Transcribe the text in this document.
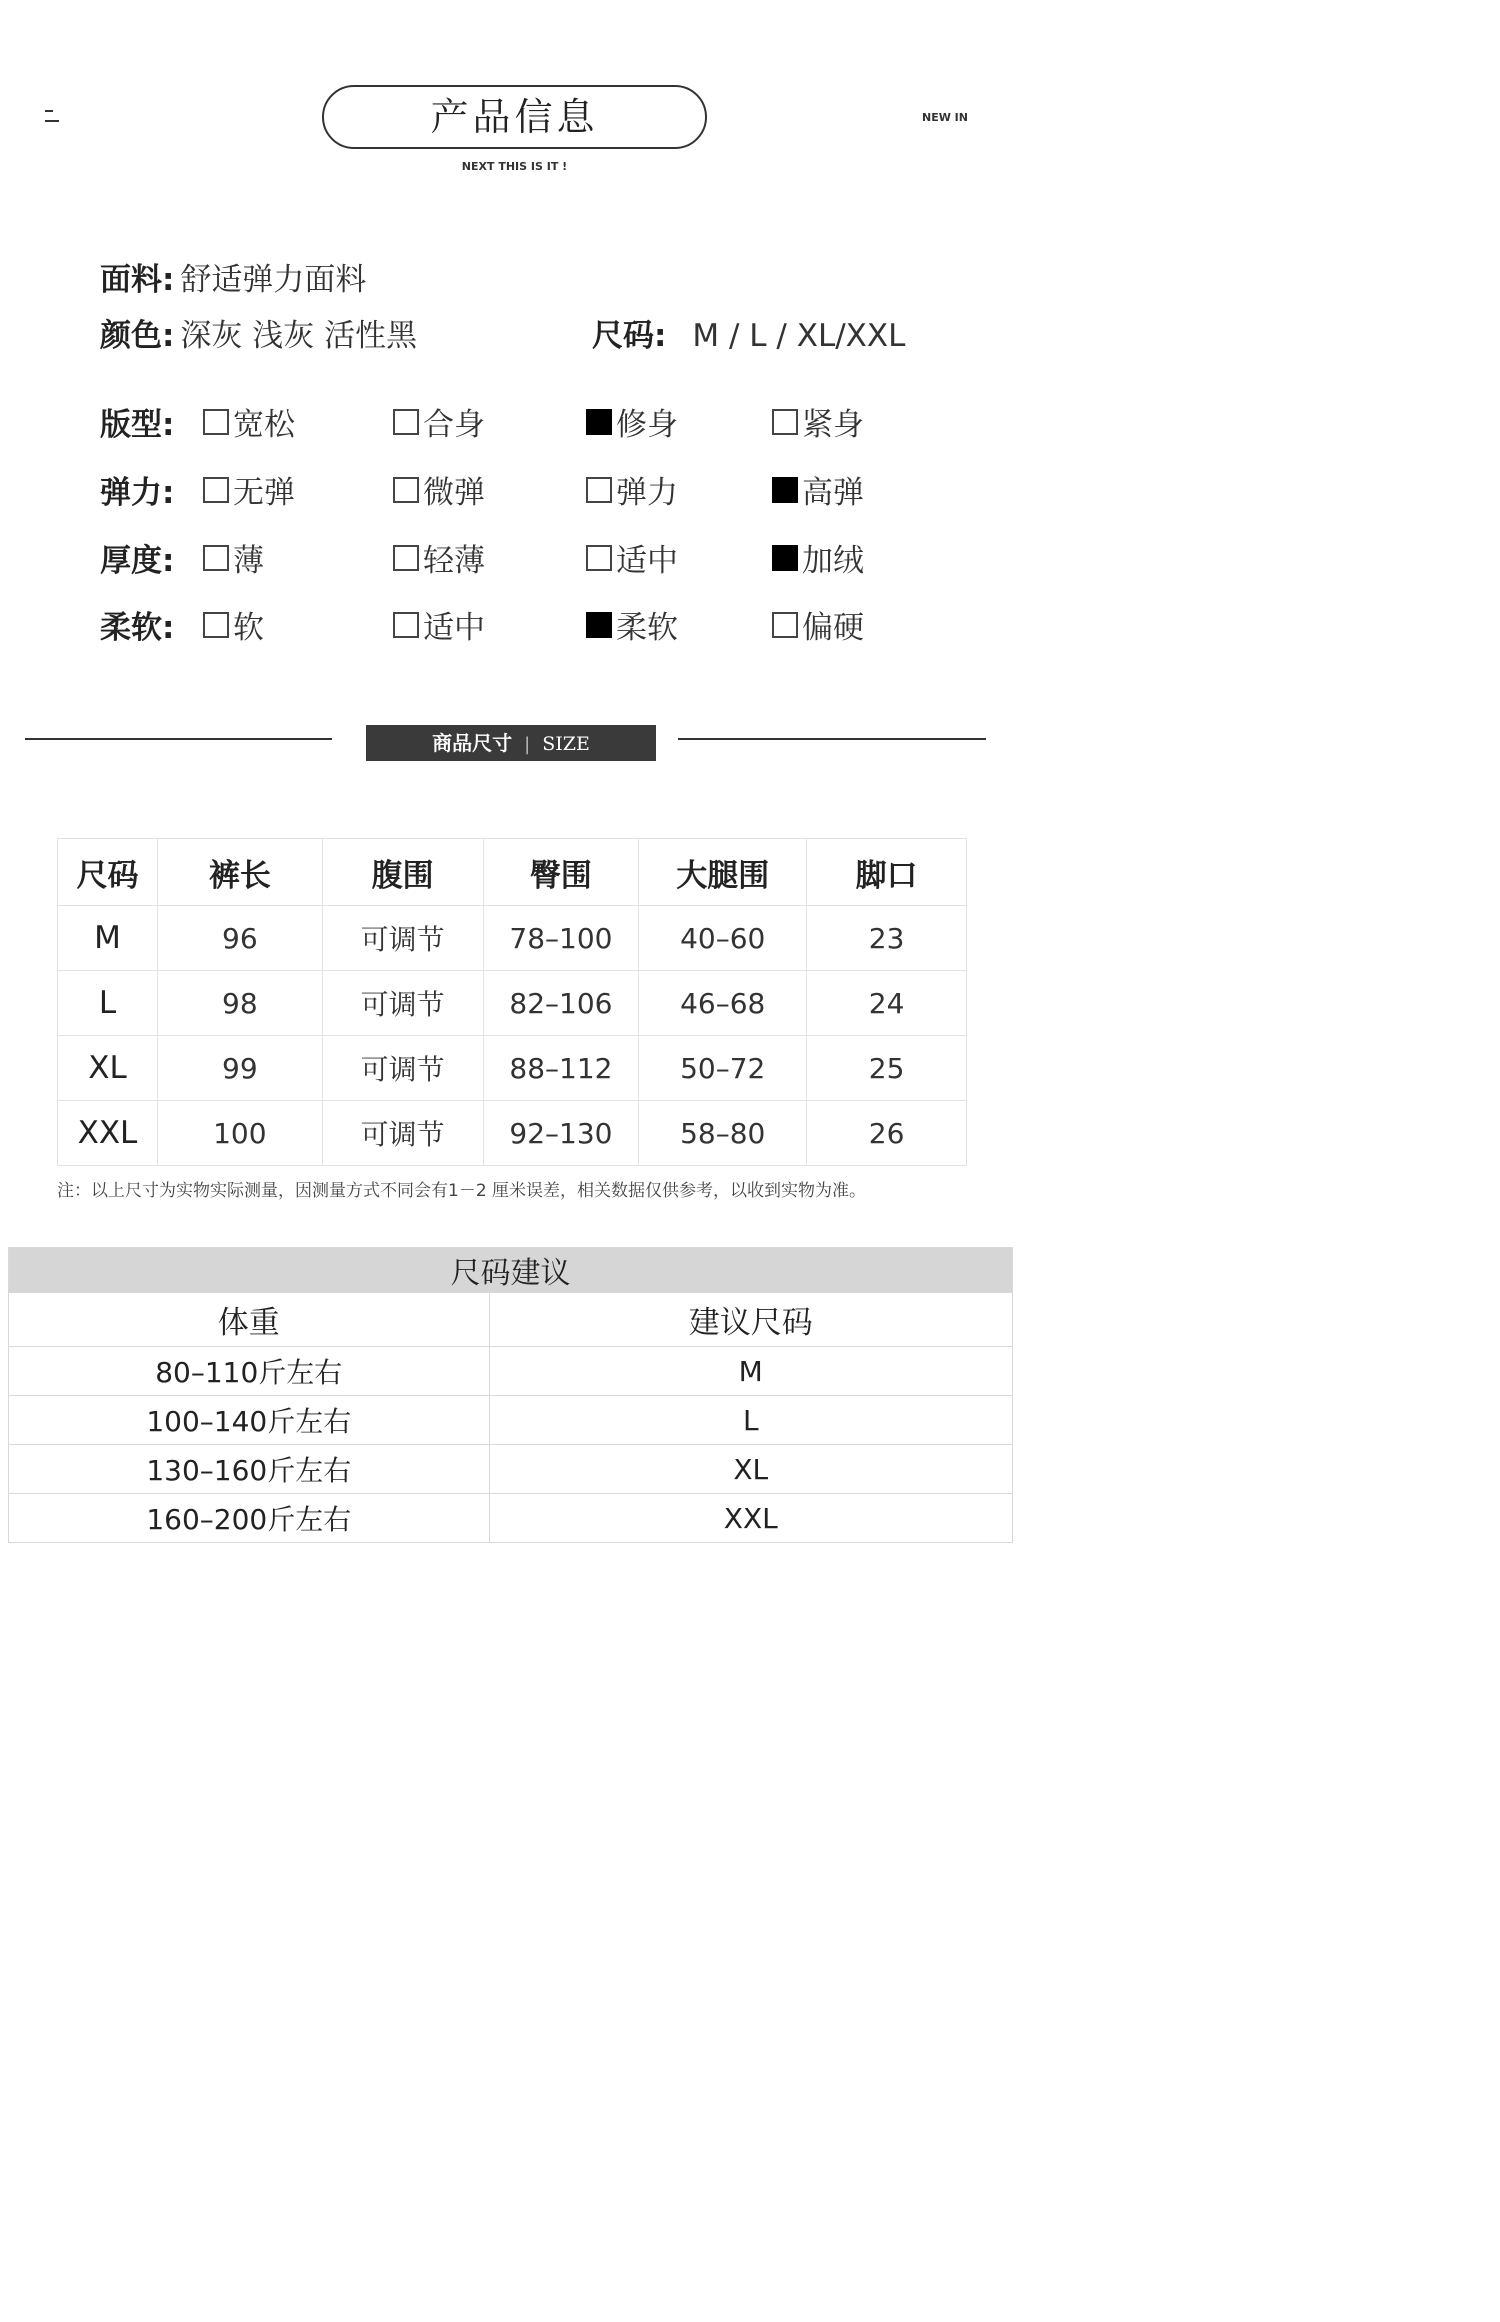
产品信息
NEXT THIS IS IT !
NEW IN
面料: 舒适弹力面料
颜色: 深灰 浅灰 活性黑	尺码: M / L / XL/XXL
版型: 宽松	合身	修身	紧身
弹力: 无弹	微弹	弹力	高弹
厚度: 薄	轻薄	适中	加绒
柔软: 软	适中	柔软	偏硬
商品尺寸 | SIZE
尺码	裤长	腹围	臀围	大腿围	脚口
M	96	可调节	78–100	40–60	23
L	98	可调节	82–106	46–68	24
XL	99	可调节	88–112	50–72	25
XXL	100	可调节	92–130	58–80	26
注：以上尺寸为实物实际测量，因测量方式不同会有1－2 厘米误差，相关数据仅供参考，以收到实物为准。
尺码建议	
体重	建议尺码
80–110斤左右	M
100–140斤左右	L
130–160斤左右	XL
160–200斤左右	XXL
